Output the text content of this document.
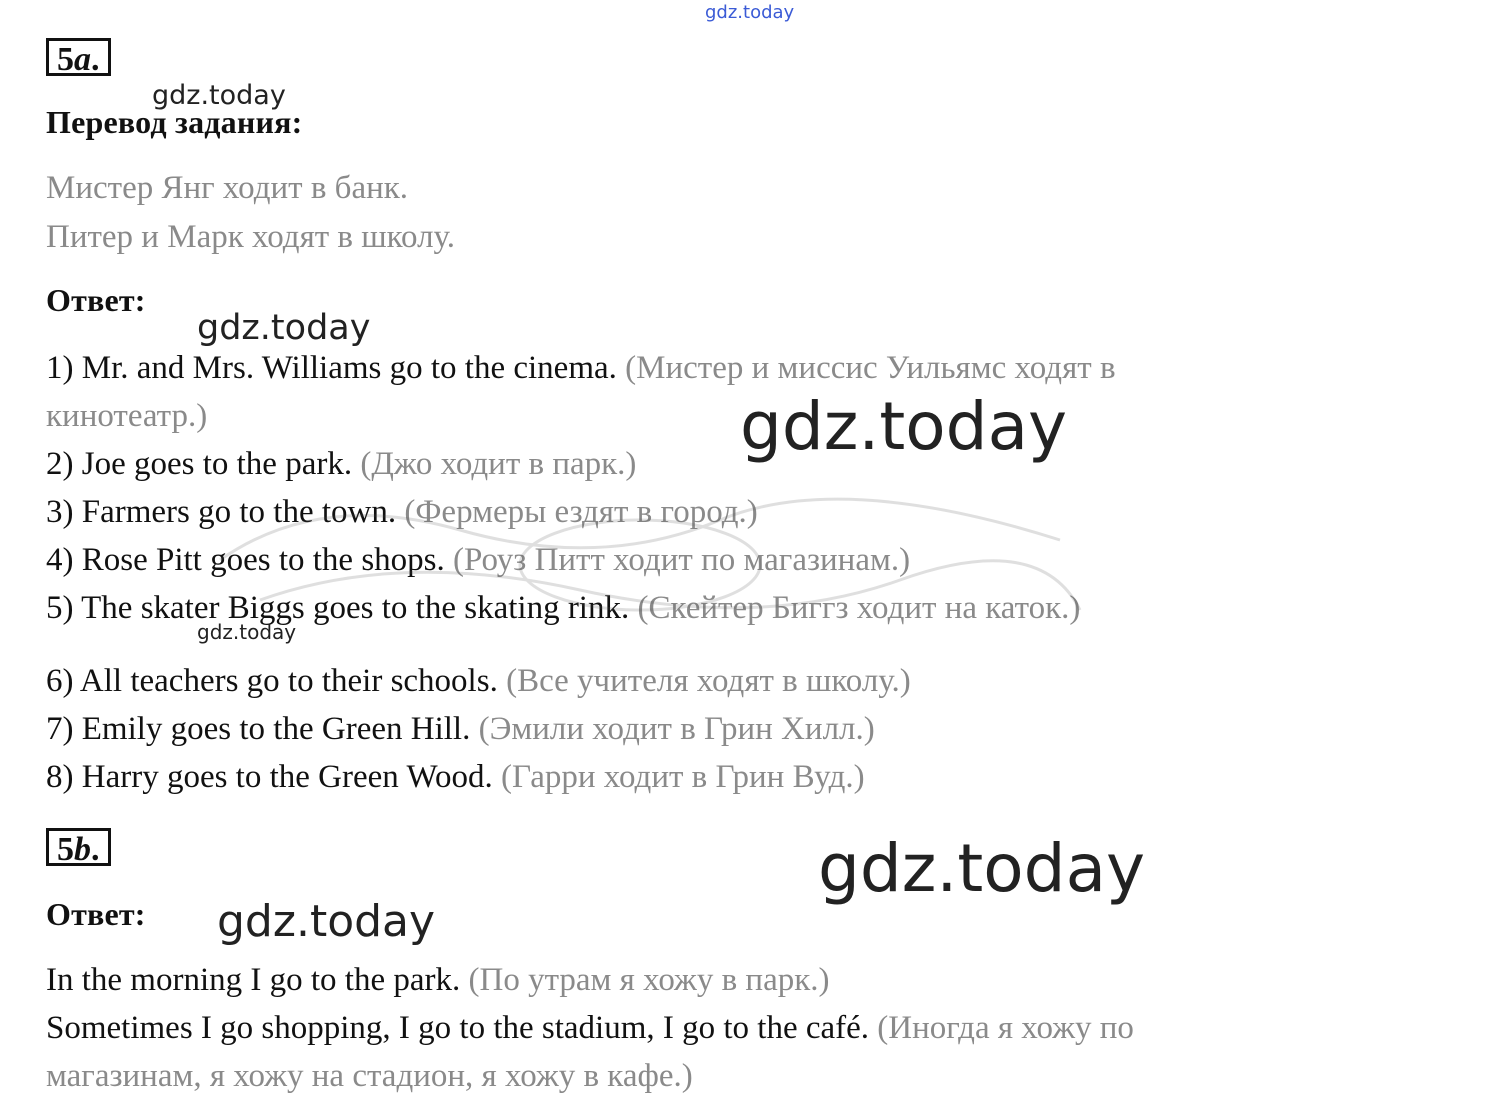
gdz.today
5a.
gdz.today
Перевод задания:
Мистер Янг ходит в банк.
Питер и Марк ходят в школу.
Ответ:
gdz.today
1) Mr. and Mrs. Williams go to the cinema. (Мистер и миссис Уильямс ходят в
кинотеатр.)	gdz.today
2) Joe goes to the park. (Джо ходит в парк.)
3) Farmers go to the town. (Фермеры ездят в город.)
4) Rose Pitt goes to the shops. (Роуз Питт ходит по магазинам.)
5) The skater Biggs goes to the skating rink. (Скейтер Биггз ходит на каток.)
gdz.today
6) All teachers go to their schools. (Все учителя ходят в школу.)
7) Emily goes to the Green Hill. (Эмили ходит в Грин Хилл.)
8) Harry goes to the Green Wood. (Гарри ходит в Грин Вуд.)
5b.	gdz.today
Ответ: gdz.today
In the morning I go to the park. (По утрам я хожу в парк.)
Sometimes I go shopping, I go to the stadium, I go to the café. (Иногда я хожу по
магазинам, я хожу на стадион, я хожу в кафе.)
